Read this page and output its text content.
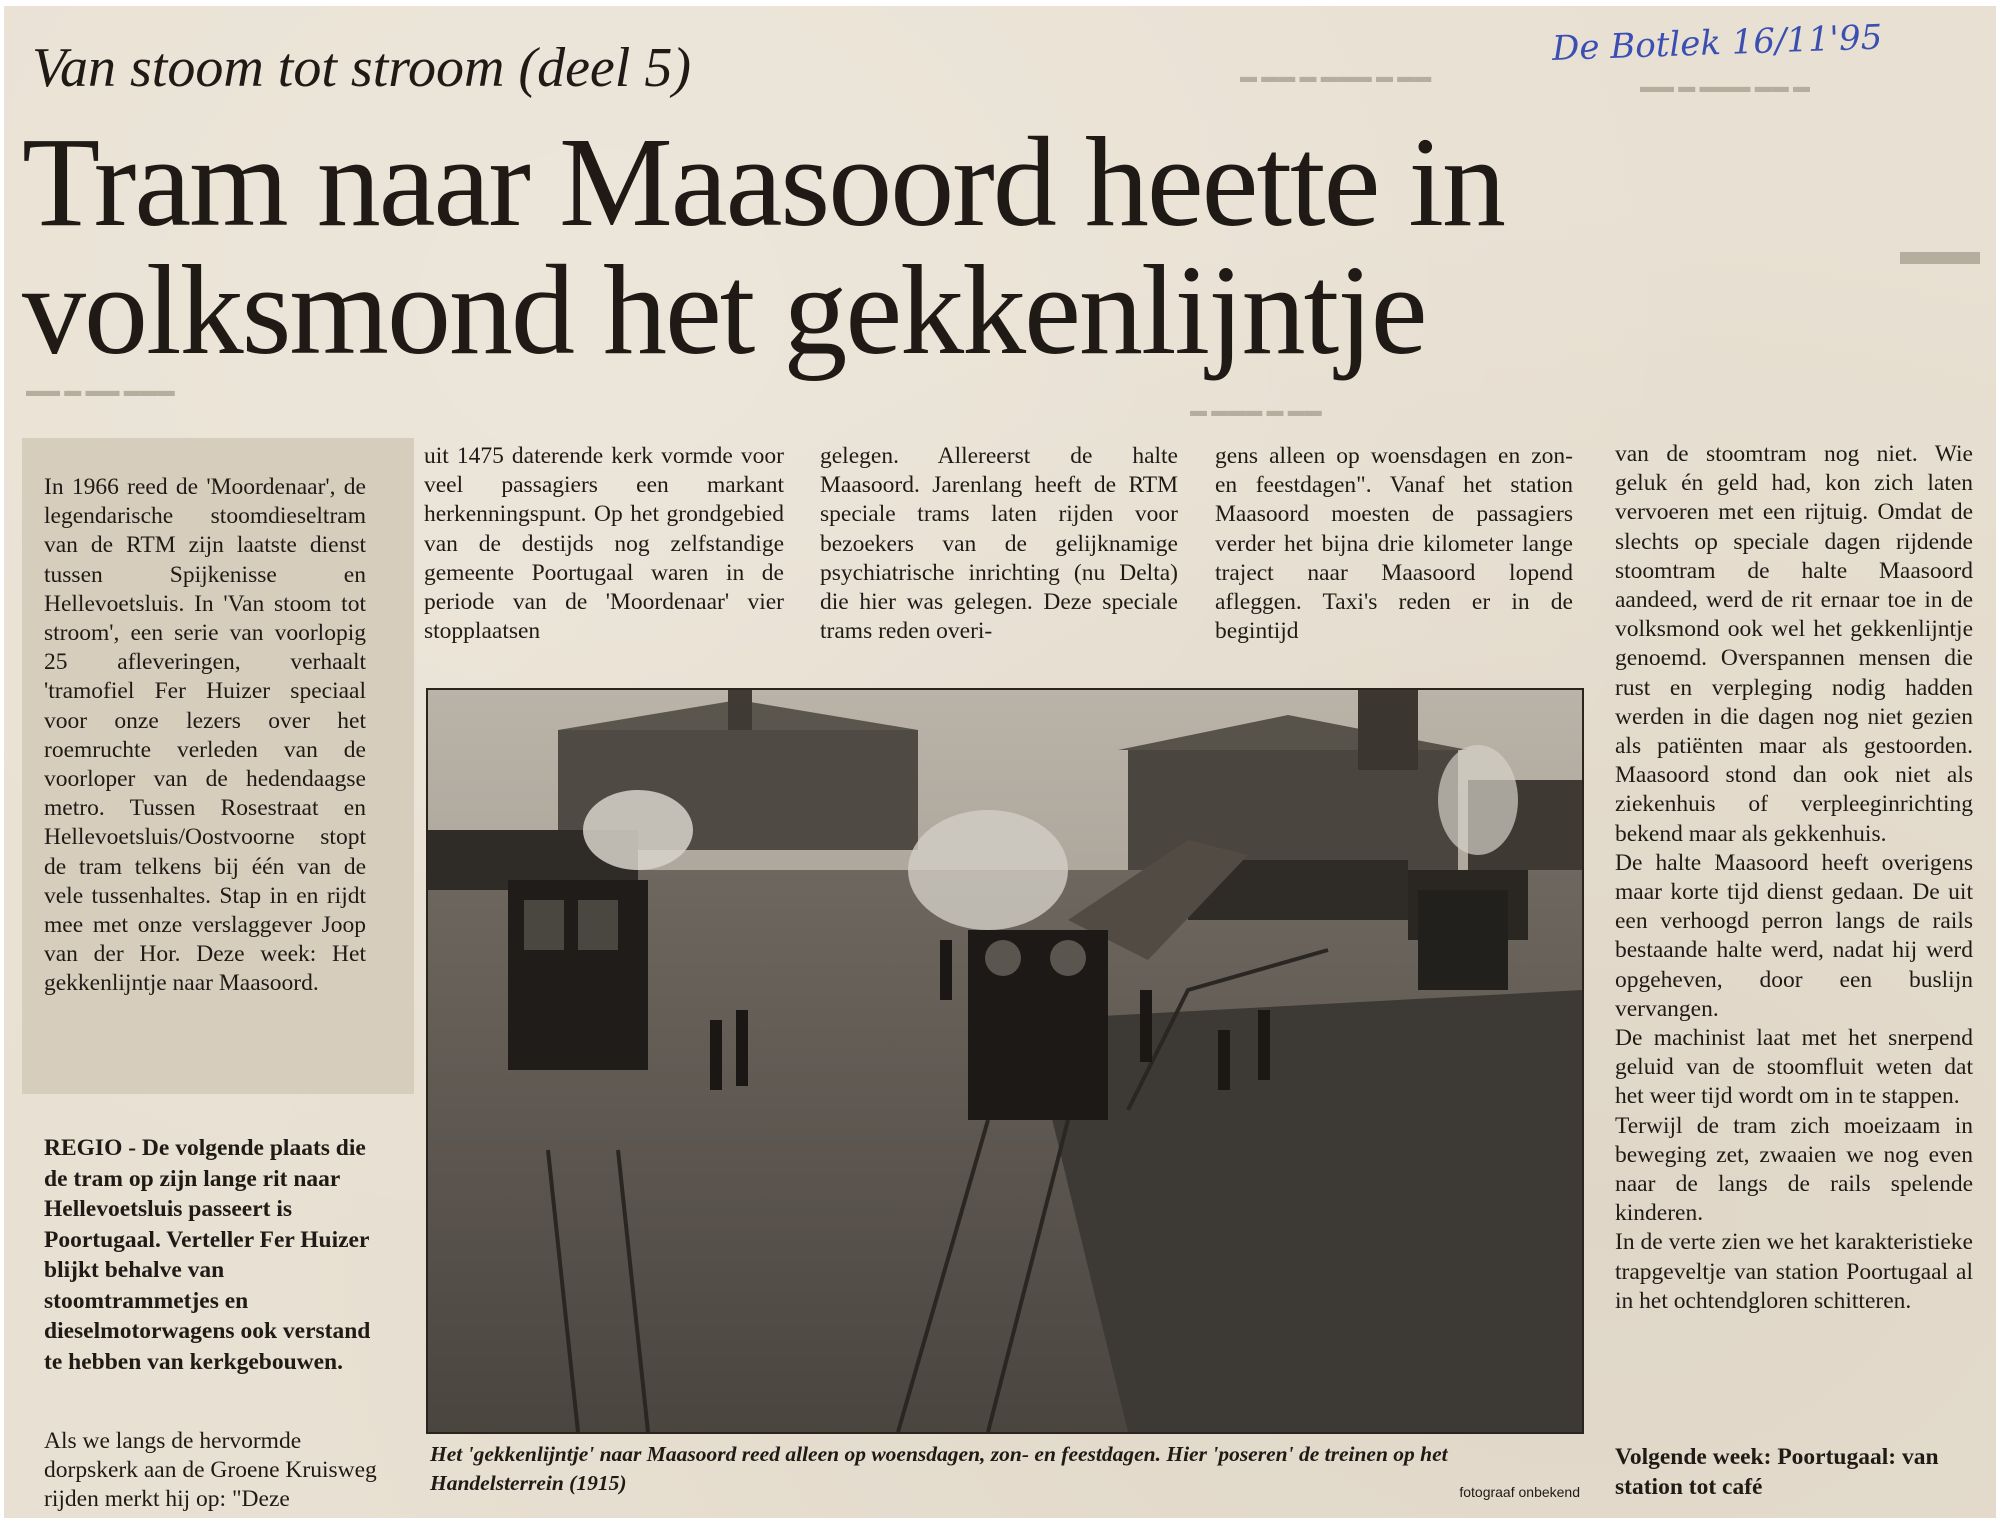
▬ ▬▬ ▬ ▬▬▬ ▬ ▬▬
▬▬ ▬ ▬▬▬ ▬▬ ▬
▬▬
▬ ▬▬▬ ▬ ▬▬
▬▬ ▬ ▬▬ ▬▬▬
De Botlek 16/11'95
Van stoom tot stroom (deel 5)
Tram naar Maasoord heette in
volksmond het gekkenlijntje
In 1966 reed de 'Moordenaar', de legendarische stoomdieseltram van de RTM zijn laatste dienst tussen Spijkenisse en Hellevoetsluis. In 'Van stoom tot stroom', een serie van voorlopig 25 afleveringen, verhaalt 'tramofiel Fer Huizer speciaal voor onze lezers over het roemruchte verleden van de voorloper van de hedendaagse metro. Tussen Rosestraat en Hellevoetsluis/Oostvoorne stopt de tram telkens bij één van de vele tussenhaltes. Stap in en rijdt mee met onze verslaggever Joop van der Hor. Deze week: Het gekkenlijntje naar Maasoord.
REGIO - De volgende plaats die de tram op zijn lange rit naar Hellevoetsluis passeert is Poortugaal. Verteller Fer Huizer blijkt behalve van stoomtrammetjes en dieselmotorwagens ook verstand te hebben van kerkgebouwen.
Als we langs de hervormde dorpskerk aan de Groene Kruisweg rijden merkt hij op: "Deze
uit 1475 daterende kerk vormde voor veel passagiers een markant herkenningspunt. Op het grondgebied van de destijds nog zelfstandige gemeente Poortugaal waren in de periode van de 'Moordenaar' vier stopplaatsen
gelegen. Allereerst de halte Maasoord. Jarenlang heeft de RTM speciale trams laten rijden voor bezoekers van de gelijknamige psychiatrische inrichting (nu Delta) die hier was gelegen. Deze speciale trams reden overi-
gens alleen op woensdagen en zon- en feestdagen". Vanaf het station Maasoord moesten de passagiers verder het bijna drie kilometer lange traject naar Maasoord lopend afleggen. Taxi's reden er in de begintijd
van de stoomtram nog niet. Wie geluk én geld had, kon zich laten vervoeren met een rijtuig. Omdat de slechts op speciale dagen rijdende stoomtram de halte Maasoord aandeed, werd de rit ernaar toe in de volksmond ook wel het gekkenlijntje genoemd. Overspannen mensen die rust en verpleging nodig hadden werden in die dagen nog niet gezien als patiënten maar als gestoorden. Maasoord stond dan ook niet als ziekenhuis of verpleeginrichting bekend maar als gekkenhuis.
De halte Maasoord heeft overigens maar korte tijd dienst gedaan. De uit een verhoogd perron langs de rails bestaande halte werd, nadat hij werd opgeheven, door een buslijn vervangen.
De machinist laat met het snerpend geluid van de stoomfluit weten dat het weer tijd wordt om in te stappen.
Terwijl de tram zich moeizaam in beweging zet, zwaaien we nog even naar de langs de rails spelende kinderen.
In de verte zien we het karakteristieke trapgeveltje van station Poortugaal al in het ochtendgloren schitteren.
Volgende week: Poortugaal: van station tot café
Het 'gekkenlijntje' naar Maasoord reed alleen op woensdagen, zon- en feestdagen. Hier 'poseren' de treinen op het Handelsterrein (1915)	fotograaf onbekend
